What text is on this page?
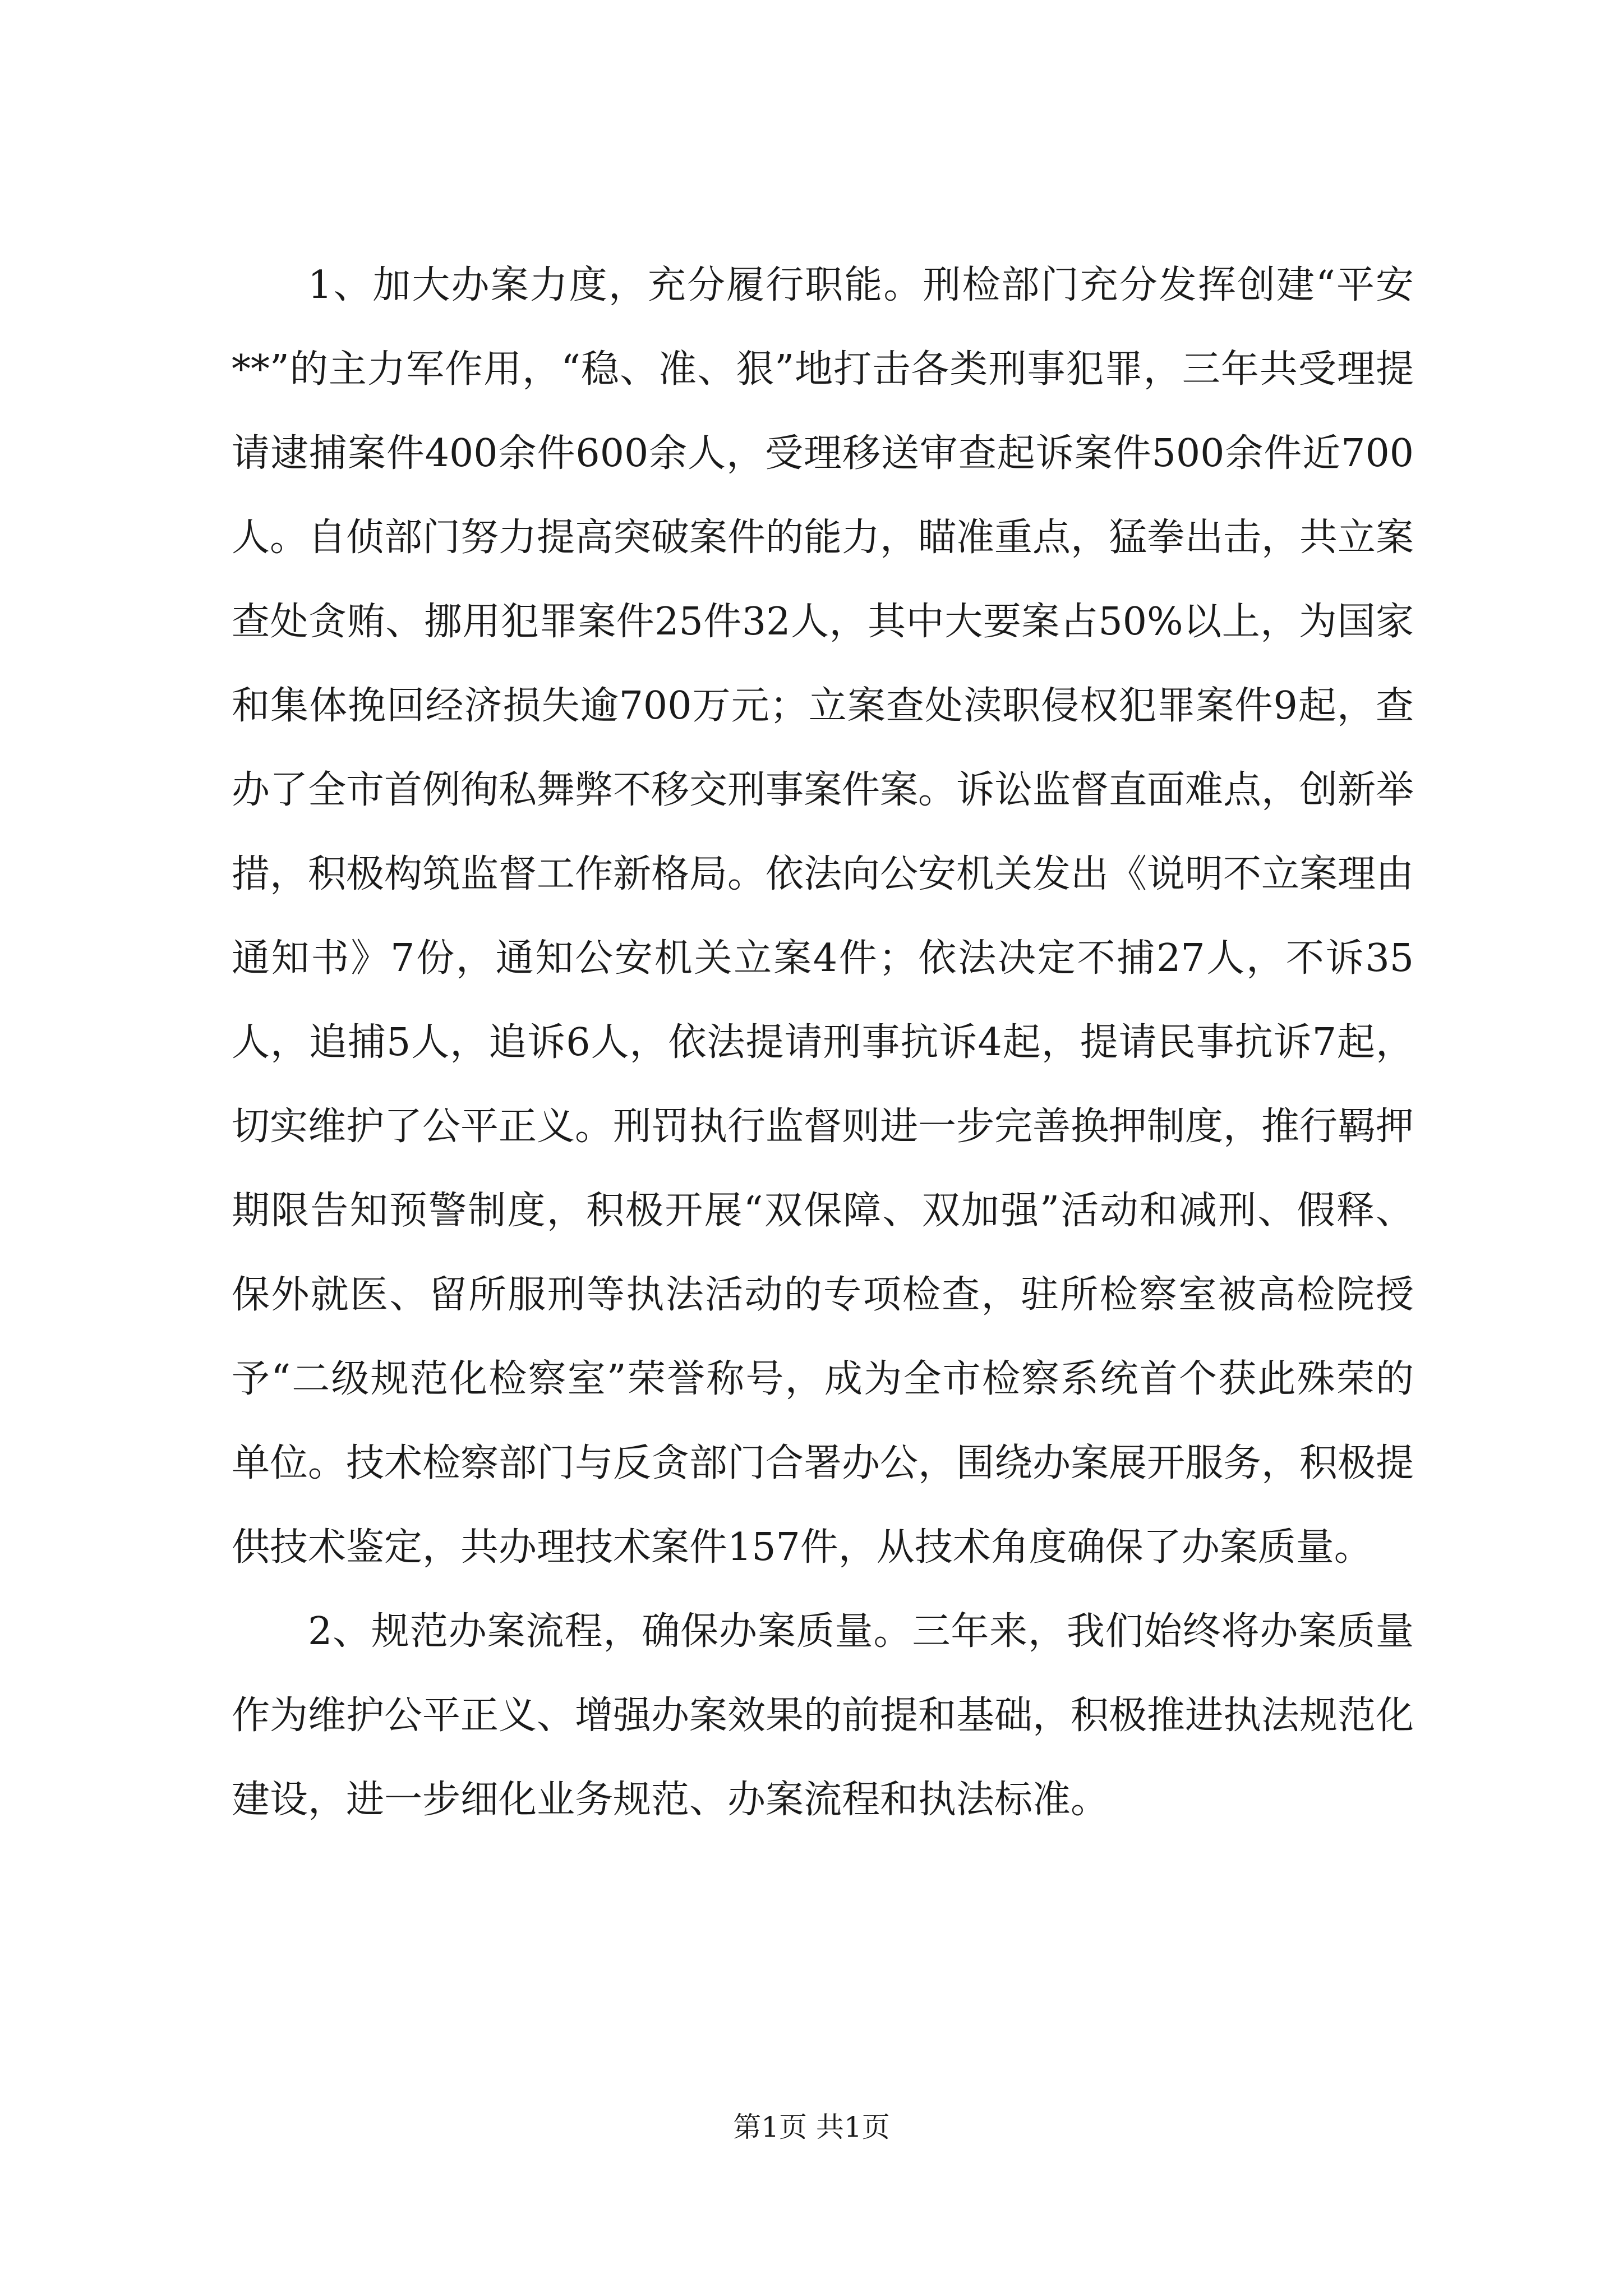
1、加大办案力度，充分履行职能。刑检部门充分发挥创建“平安**”的主力军作用，“稳、准、狠”地打击各类刑事犯罪，三年共受理提请逮捕案件400余件600余人，受理移送审查起诉案件500余件近700人。自侦部门努力提高突破案件的能力，瞄准重点，猛拳出击，共立案查处贪贿、挪用犯罪案件25件32人，其中大要案占50%以上，为国家和集体挽回经济损失逾700万元；立案查处渎职侵权犯罪案件9起，查办了全市首例徇私舞弊不移交刑事案件案。诉讼监督直面难点，创新举措，积极构筑监督工作新格局。依法向公安机关发出《说明不立案理由通知书》7份，通知公安机关立案4件；依法决定不捕27人，不诉35人，追捕5人，追诉6人，依法提请刑事抗诉4起，提请民事抗诉7起，切实维护了公平正义。刑罚执行监督则进一步完善换押制度，推行羁押期限告知预警制度，积极开展“双保障、双加强”活动和减刑、假释、保外就医、留所服刑等执法活动的专项检查，驻所检察室被高检院授予“二级规范化检察室”荣誉称号，成为全市检察系统首个获此殊荣的单位。技术检察部门与反贪部门合署办公，围绕办案展开服务，积极提供技术鉴定，共办理技术案件157件，从技术角度确保了办案质量。

2、规范办案流程，确保办案质量。三年来，我们始终将办案质量作为维护公平正义、增强办案效果的前提和基础，积极推进执法规范化建设，进一步细化业务规范、办案流程和执法标准。

第1页 共1页
